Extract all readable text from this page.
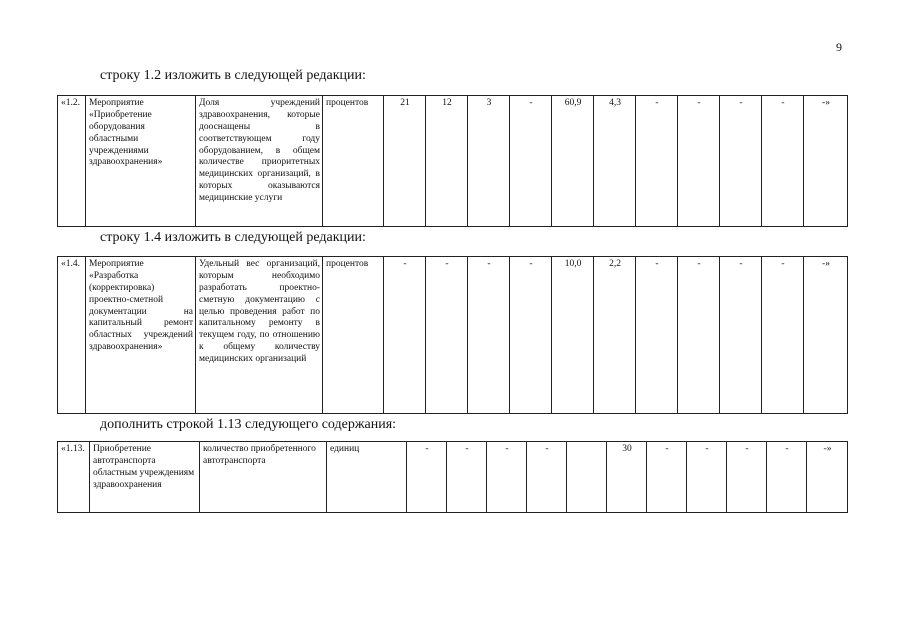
9
строку 1.2 изложить в следующей редакции:
«1.2.	Мероприятие «Приобретение оборудования областными учреждениями здравоохранения»	Доля учреждений здравоохранения, которые дооснащены в соответствующем году оборудованием, в общем количестве приоритетных медицинских организаций, в которых оказываются медицинские услуги	процентов	21	12	3	-	60,9	4,3	-	-	-	-	-»
строку 1.4 изложить в следующей редакции:
«1.4.	Мероприятие «Разработка (корректировка) проектно-сметной документации на капитальный ремонт областных учреждений здравоохранения»	Удельный вес организаций, которым необходимо разработать проектно-сметную документацию с целью проведения работ по капитальному ремонту в текущем году, по отношению к общему количеству медицинских организаций	процентов	-	-	-	-	10,0	2,2	-	-	-	-	-»
дополнить строкой 1.13 следующего содержания:
«1.13.	Приобретение автотранспорта областным учреждениям здравоохранения	количество приобретенного автотранспорта	единиц	-	-	-	-		30	-	-	-	-	-»
